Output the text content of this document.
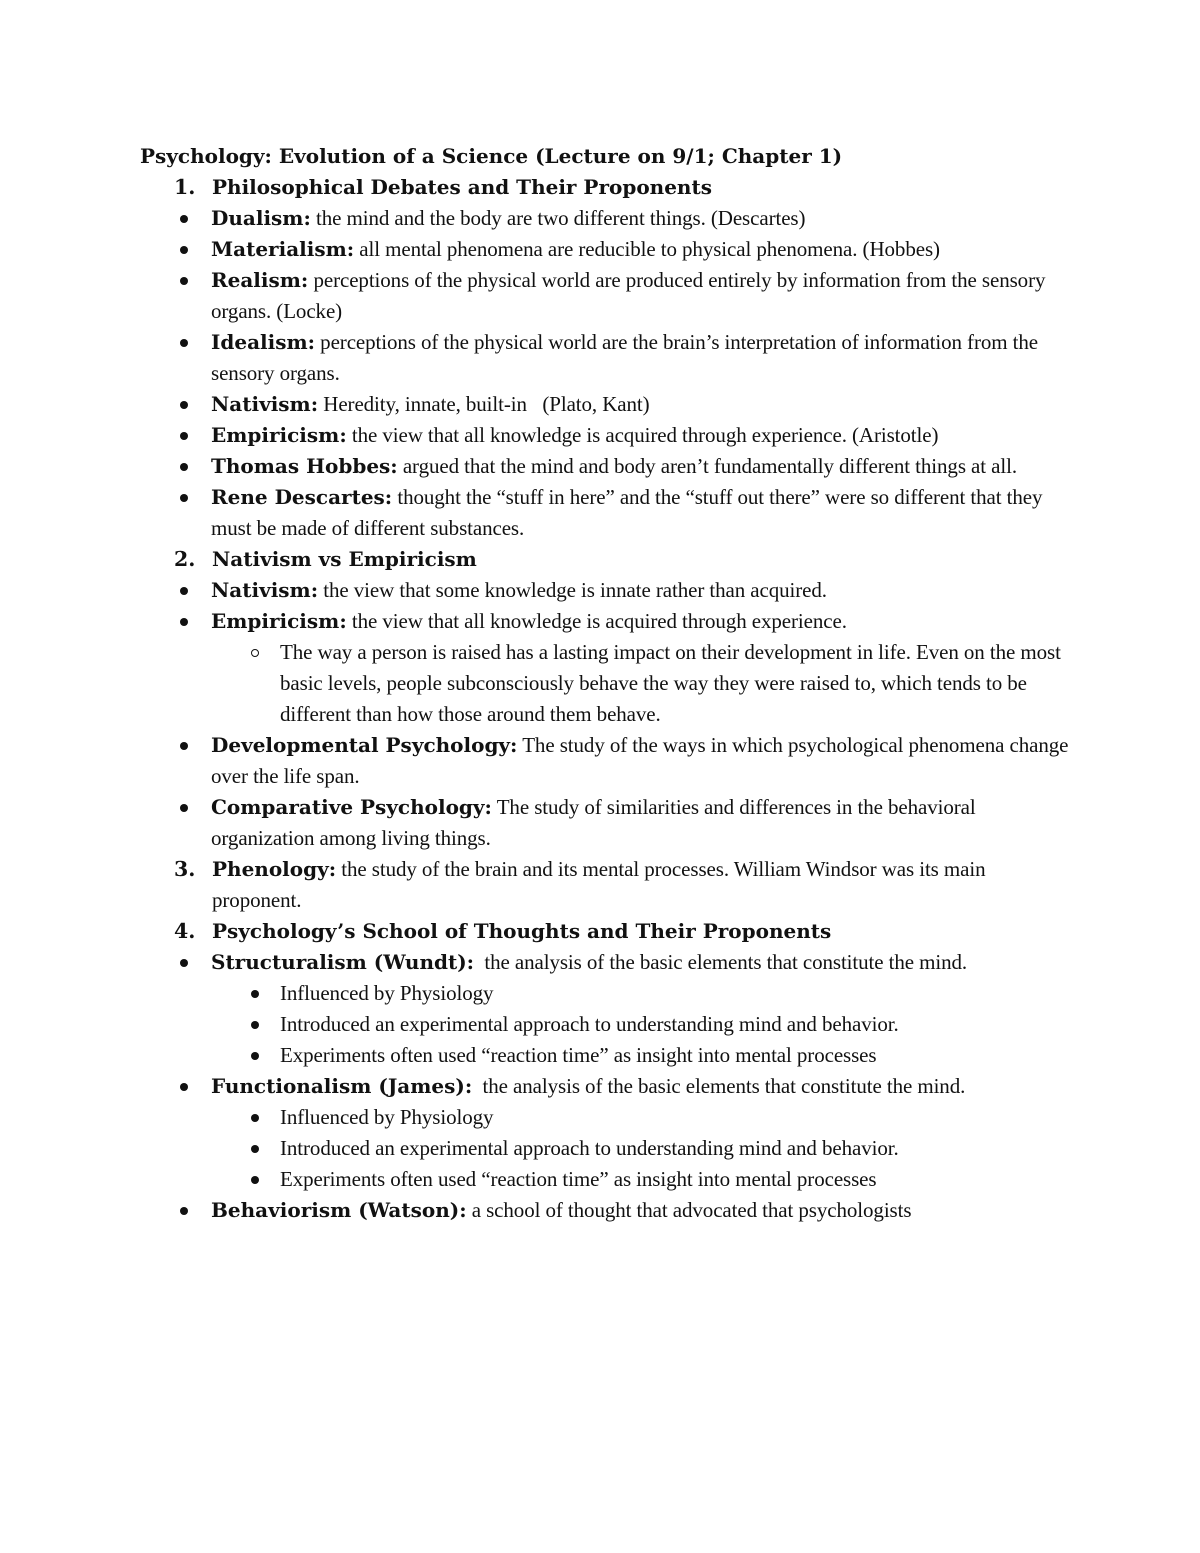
Psychology: Evolution of a Science (Lecture on 9/1; Chapter 1)
1. Philosophical Debates and Their Proponents
Dualism: the mind and the body are two different things. (Descartes)
Materialism: all mental phenomena are reducible to physical phenomena. (Hobbes)
Realism: perceptions of the physical world are produced entirely by information from the sensory organs. (Locke)
Idealism: perceptions of the physical world are the brain’s interpretation of information from the sensory organs.
Nativism: Heredity, innate, built-in   (Plato, Kant)
Empiricism: the view that all knowledge is acquired through experience. (Aristotle)
Thomas Hobbes: argued that the mind and body aren’t fundamentally different things at all.
Rene Descartes: thought the “stuff in here” and the “stuff out there” were so different that they must be made of different substances.
2. Nativism vs Empiricism
Nativism: the view that some knowledge is innate rather than acquired.
Empiricism: the view that all knowledge is acquired through experience.
The way a person is raised has a lasting impact on their development in life. Even on the most basic levels, people subconsciously behave the way they were raised to, which tends to be different than how those around them behave.
Developmental Psychology: The study of the ways in which psychological phenomena change over the life span.
Comparative Psychology: The study of similarities and differences in the behavioral organization among living things.
3. Phenology: the study of the brain and its mental processes. William Windsor was its main proponent.
4. Psychology’s School of Thoughts and Their Proponents
Structuralism (Wundt):  the analysis of the basic elements that constitute the mind.
Influenced by Physiology
Introduced an experimental approach to understanding mind and behavior.
Experiments often used “reaction time” as insight into mental processes
Functionalism (James):  the analysis of the basic elements that constitute the mind.
Influenced by Physiology
Introduced an experimental approach to understanding mind and behavior.
Experiments often used “reaction time” as insight into mental processes
Behaviorism (Watson): a school of thought that advocated that psychologists
